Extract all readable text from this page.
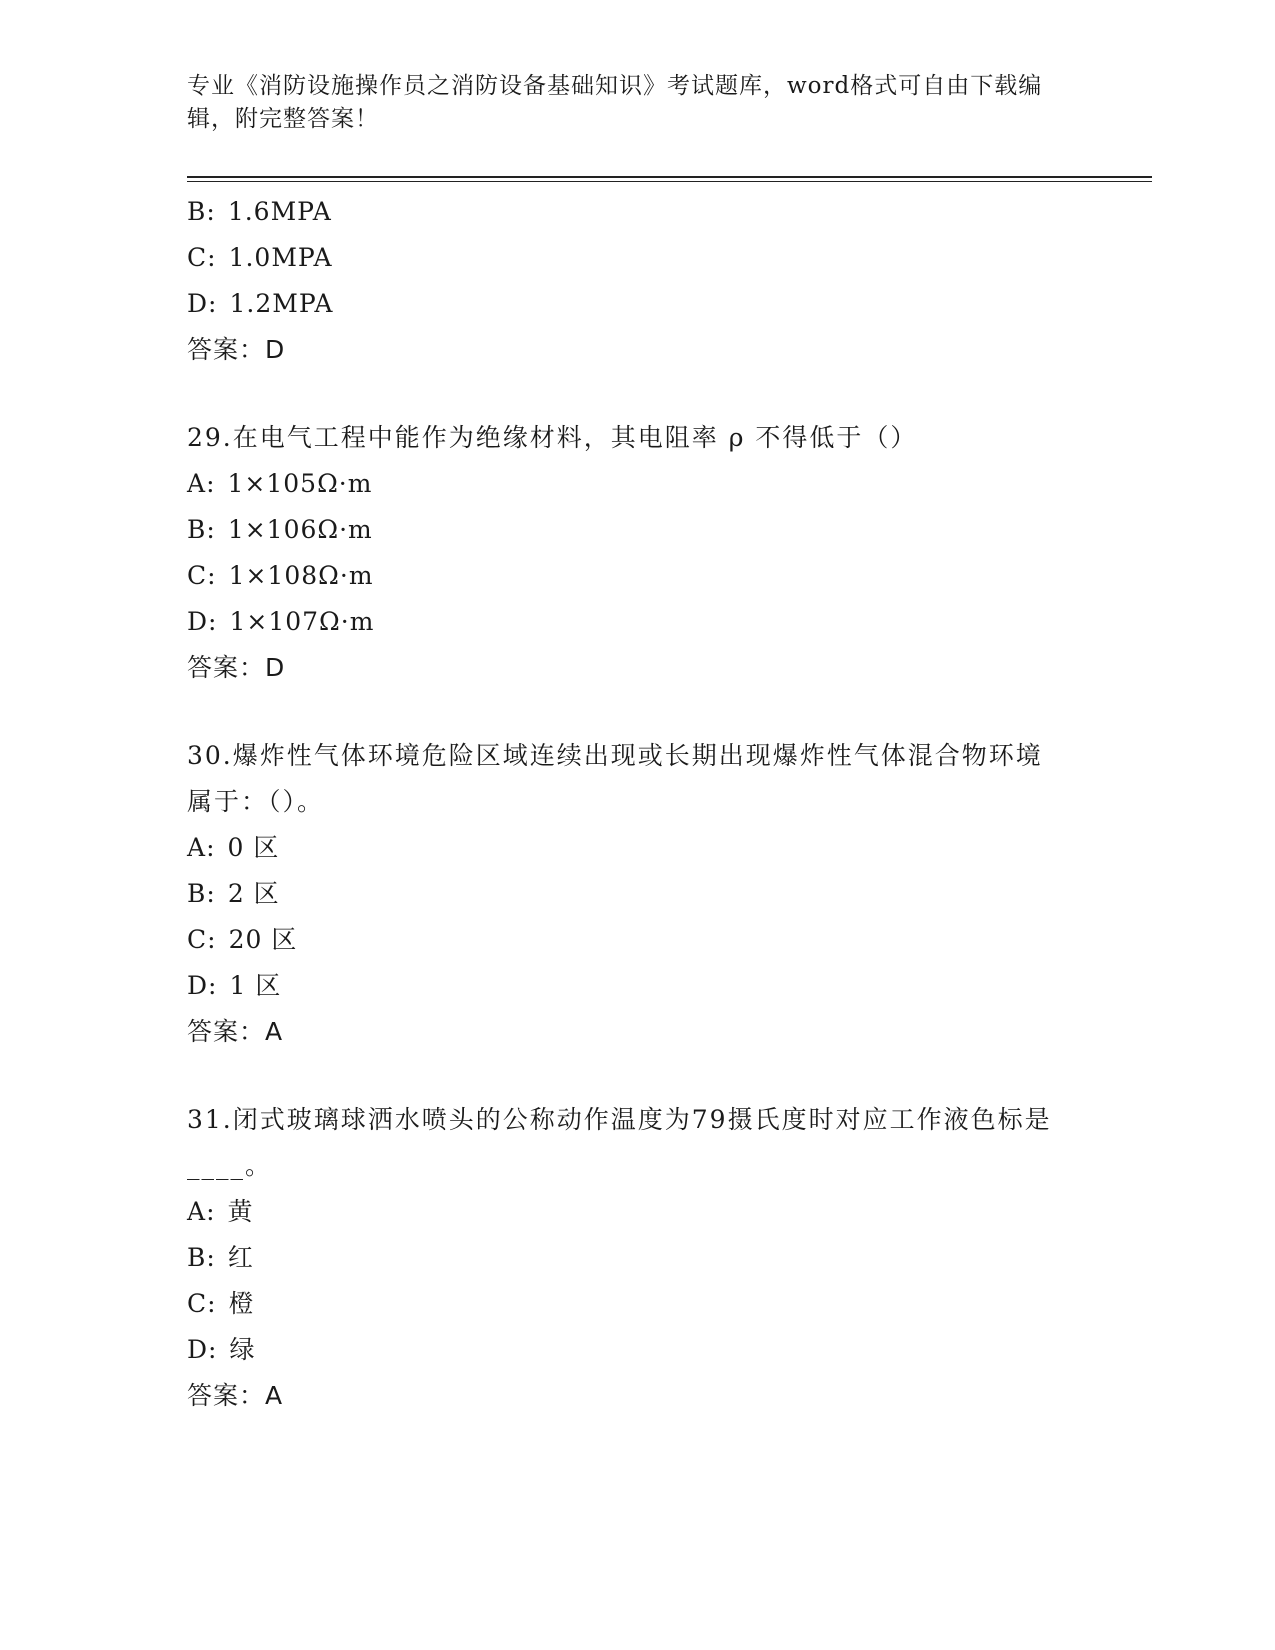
专业《消防设施操作员之消防设备基础知识》考试题库，word格式可自由下载编辑，附完整答案！
B: 1.6MPA
C: 1.0MPA
D: 1.2MPA
答案：D
29.在电气工程中能作为绝缘材料，其电阻率 ρ 不得低于（）
A: 1×105Ω·m
B: 1×106Ω·m
C: 1×108Ω·m
D: 1×107Ω·m
答案：D
30.爆炸性气体环境危险区域连续出现或长期出现爆炸性气体混合物环境属于：（）。
A: 0 区
B: 2 区
C: 20 区
D: 1 区
答案：A
31.闭式玻璃球洒水喷头的公称动作温度为79摄氏度时对应工作液色标是____。
A: 黄
B: 红
C: 橙
D: 绿
答案：A
